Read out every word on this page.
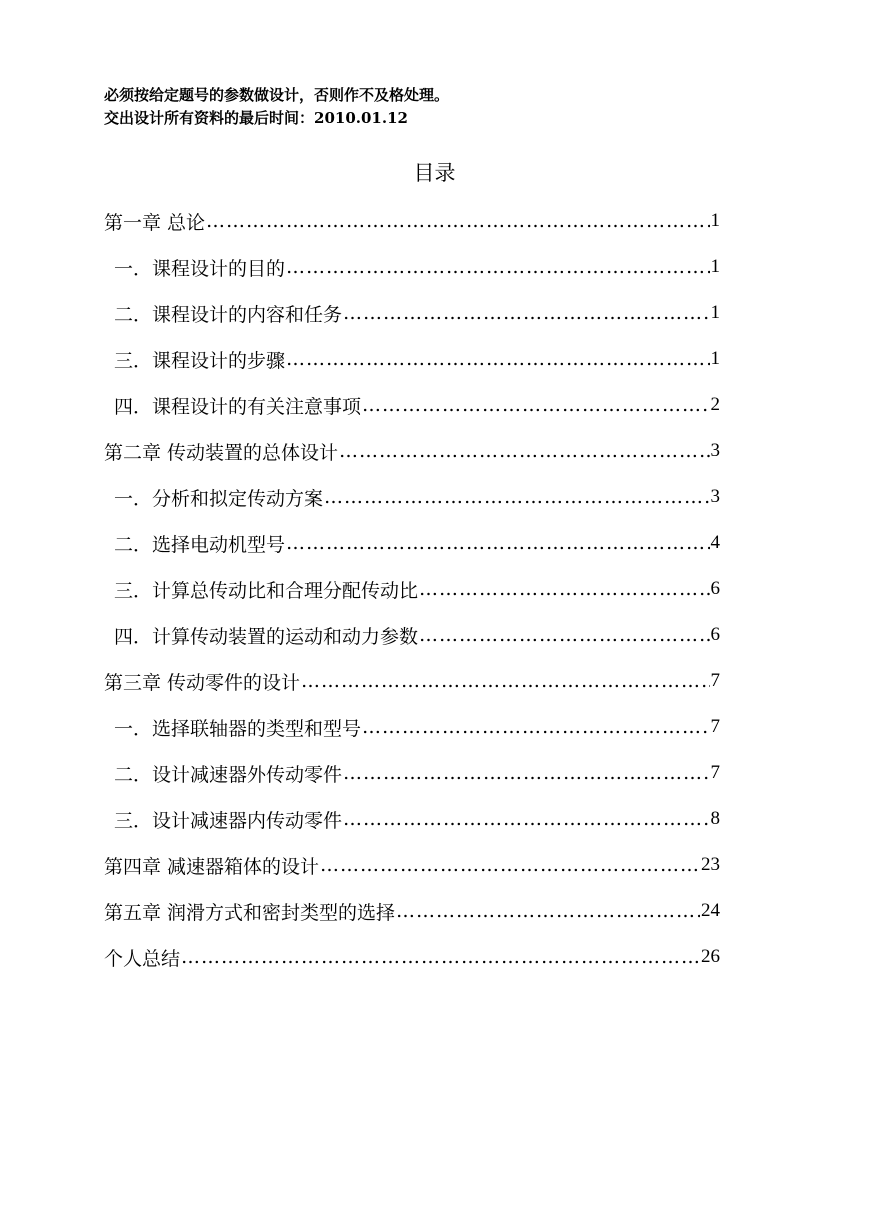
必须按给定题号的参数做设计，否则作不及格处理。
交出设计所有资料的最后时间：2010.01.12
目录
第一章 总论 …………………………………………………………………………………………………………………………………………………	1
一．课程设计的目的 …………………………………………………………………………………………………………………………………………………	1
二．课程设计的内容和任务 …………………………………………………………………………………………………………………………………………………	1
三．课程设计的步骤 …………………………………………………………………………………………………………………………………………………	1
四．课程设计的有关注意事项 …………………………………………………………………………………………………………………………………………………	2
第二章 传动装置的总体设计 …………………………………………………………………………………………………………………………………………………	3
一．分析和拟定传动方案 …………………………………………………………………………………………………………………………………………………	3
二．选择电动机型号 …………………………………………………………………………………………………………………………………………………	4
三．计算总传动比和合理分配传动比 …………………………………………………………………………………………………………………………………………………	6
四．计算传动装置的运动和动力参数 …………………………………………………………………………………………………………………………………………………	6
第三章 传动零件的设计 …………………………………………………………………………………………………………………………………………………	7
一．选择联轴器的类型和型号 …………………………………………………………………………………………………………………………………………………	7
二．设计减速器外传动零件 …………………………………………………………………………………………………………………………………………………	7
三．设计减速器内传动零件 …………………………………………………………………………………………………………………………………………………	8
第四章 减速器箱体的设计 …………………………………………………………………………………………………………………………………………………	23
第五章 润滑方式和密封类型的选择 …………………………………………………………………………………………………………………………………………………	24
个人总结 …………………………………………………………………………………………………………………………………………………	26
